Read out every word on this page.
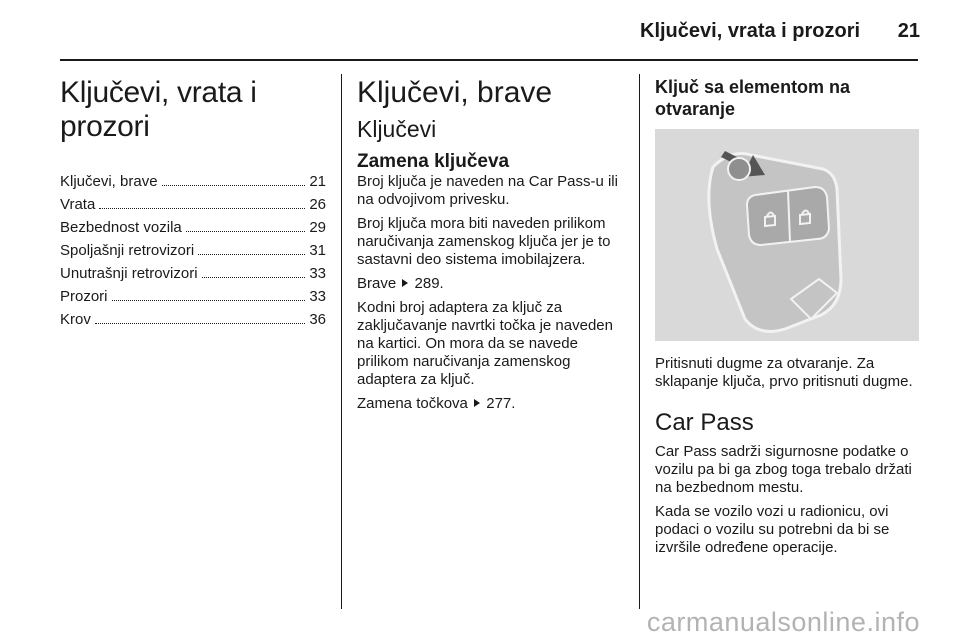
Ključevi, vrata i prozori 21
Ključevi, vrata i prozori
Ključevi, brave	21
Vrata	26
Bezbednost vozila	29
Spoljašnji retrovizori	31
Unutrašnji retrovizori	33
Prozori	33
Krov	36
Ključevi, brave
Ključevi
Zamena ključeva

Broj ključa je naveden na Car Pass-u ili na odvojivom privesku.

Broj ključa mora biti naveden prilikom naručivanja zamenskog ključa jer je to sastavni deo sistema imobilajzera.

Brave 289.

Kodni broj adaptera za ključ za zaključavanje navrtki točka je naveden na kartici. On mora da se navede prilikom naručivanja zamenskog adaptera za ključ.

Zamena točkova 277.

Ključ sa elementom na otvaranje

Pritisnuti dugme za otvaranje. Za sklapanje ključa, prvo pritisnuti dugme.

Car Pass

Car Pass sadrži sigurnosne podatke o vozilu pa bi ga zbog toga trebalo držati na bezbednom mestu.

Kada se vozilo vozi u radionicu, ovi podaci o vozilu su potrebni da bi se izvršile određene operacije.

carmanualsonline.info
